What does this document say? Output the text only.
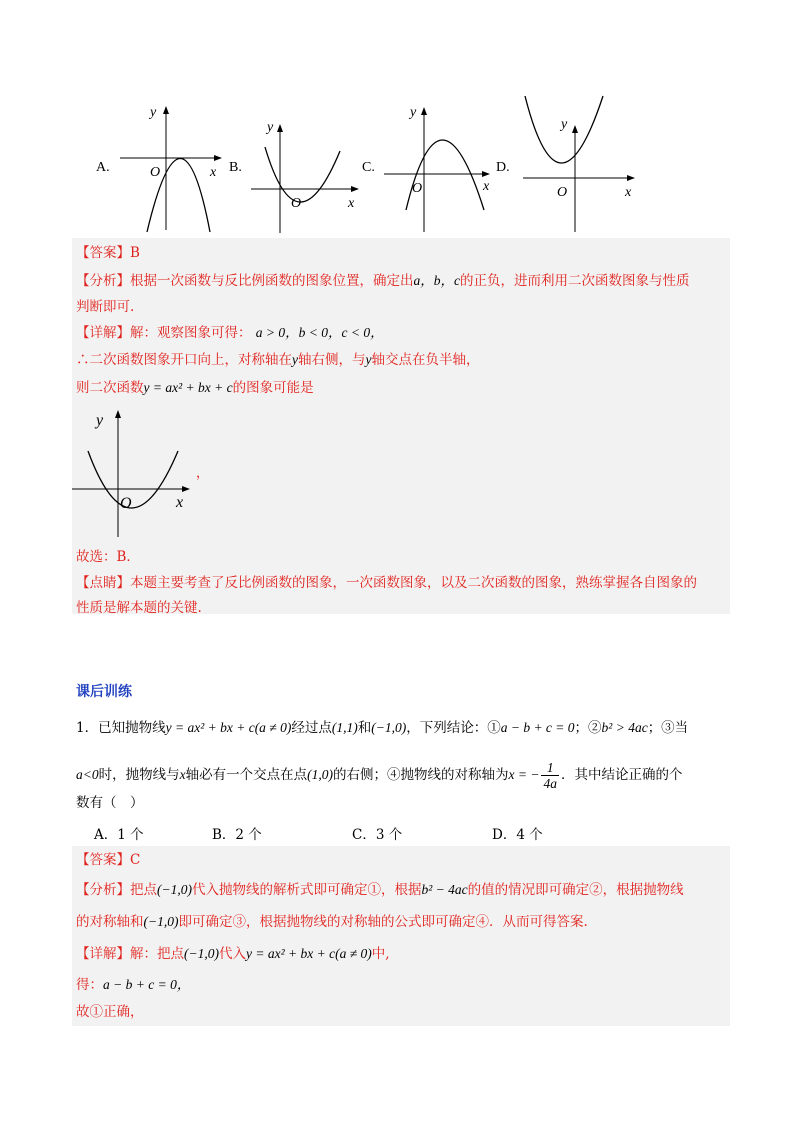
y
x
O
A.
y
x
O
B.
y
x
O
C.
y
x
O
D.
【答案】B
【分析】根据一次函数与反比例函数的图象位置，确定出a，b，c的正负，进而利用二次函数图象与性质
判断即可.
【详解】解：观察图象可得： a > 0，b < 0，c < 0，
∴二次函数图象开口向上，对称轴在y轴右侧，与y轴交点在负半轴，
则二次函数y = ax² + bx + c的图象可能是
y
x
O
，
故选：B．
【点睛】本题主要考查了反比例函数的图象，一次函数图象，以及二次函数的图象，熟练掌握各自图象的
性质是解本题的关键.
课后训练
1．已知抛物线y = ax² + bx + c(a ≠ 0)经过点(1,1)和(−1,0)，下列结论：①a − b + c = 0；②b² > 4ac；③当
a<0时，抛物线与x轴必有一个交点在点(1,0)的右侧；④抛物线的对称轴为x = − $\frac{1}{4a}$ ．其中结论正确的个
数有（　）
A．1 个	B．2 个	C．3 个	D．4 个
【答案】C
【分析】把点(−1,0)代入抛物线的解析式即可确定①，根据b² − 4ac的值的情况即可确定②，根据抛物线
的对称轴和(−1,0)即可确定③，根据抛物线的对称轴的公式即可确定④．从而可得答案.
【详解】解：把点(−1,0)代入y = ax² + bx + c(a ≠ 0)中,
得：a − b + c = 0，
故①正确，
